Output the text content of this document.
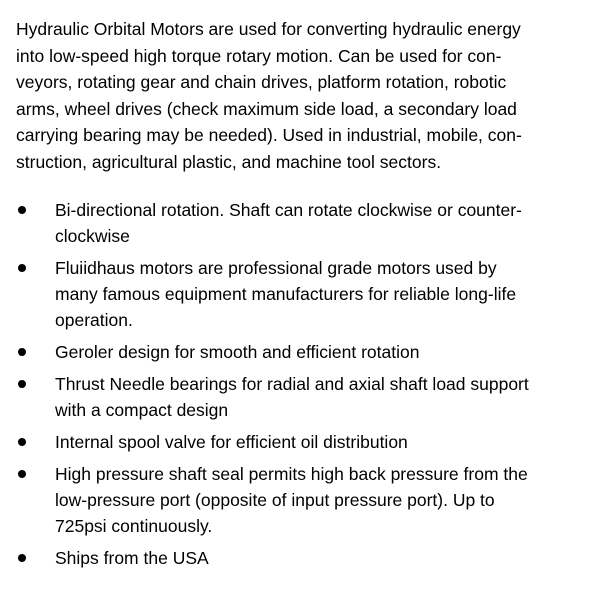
Hydraulic Orbital Motors are used for converting hydraulic energy
into low-speed high torque rotary motion. Can be used for con-
veyors, rotating gear and chain drives, platform rotation, robotic
arms, wheel drives (check maximum side load, a secondary load
carrying bearing may be needed). Used in industrial, mobile, con-
struction, agricultural plastic, and machine tool sectors.

Bi-directional rotation. Shaft can rotate clockwise or counter-
clockwise
Fluiidhaus motors are professional grade motors used by
many famous equipment manufacturers for reliable long-life
operation.
Geroler design for smooth and efficient rotation
Thrust Needle bearings for radial and axial shaft load support
with a compact design
Internal spool valve for efficient oil distribution
High pressure shaft seal permits high back pressure from the
low-pressure port (opposite of input pressure port). Up to
725psi continuously.
Ships from the USA
